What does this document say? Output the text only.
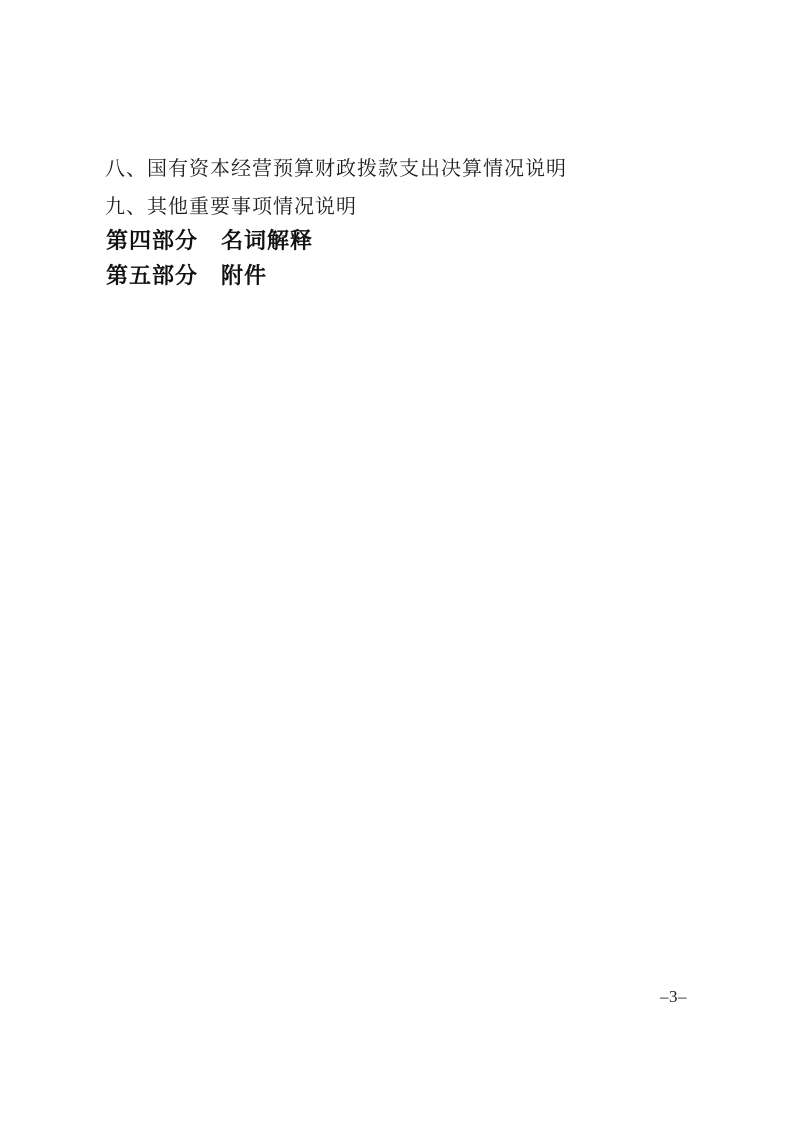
八、国有资本经营预算财政拨款支出决算情况说明
九、其他重要事项情况说明
第四部分　名词解释
第五部分　附件
–3–
